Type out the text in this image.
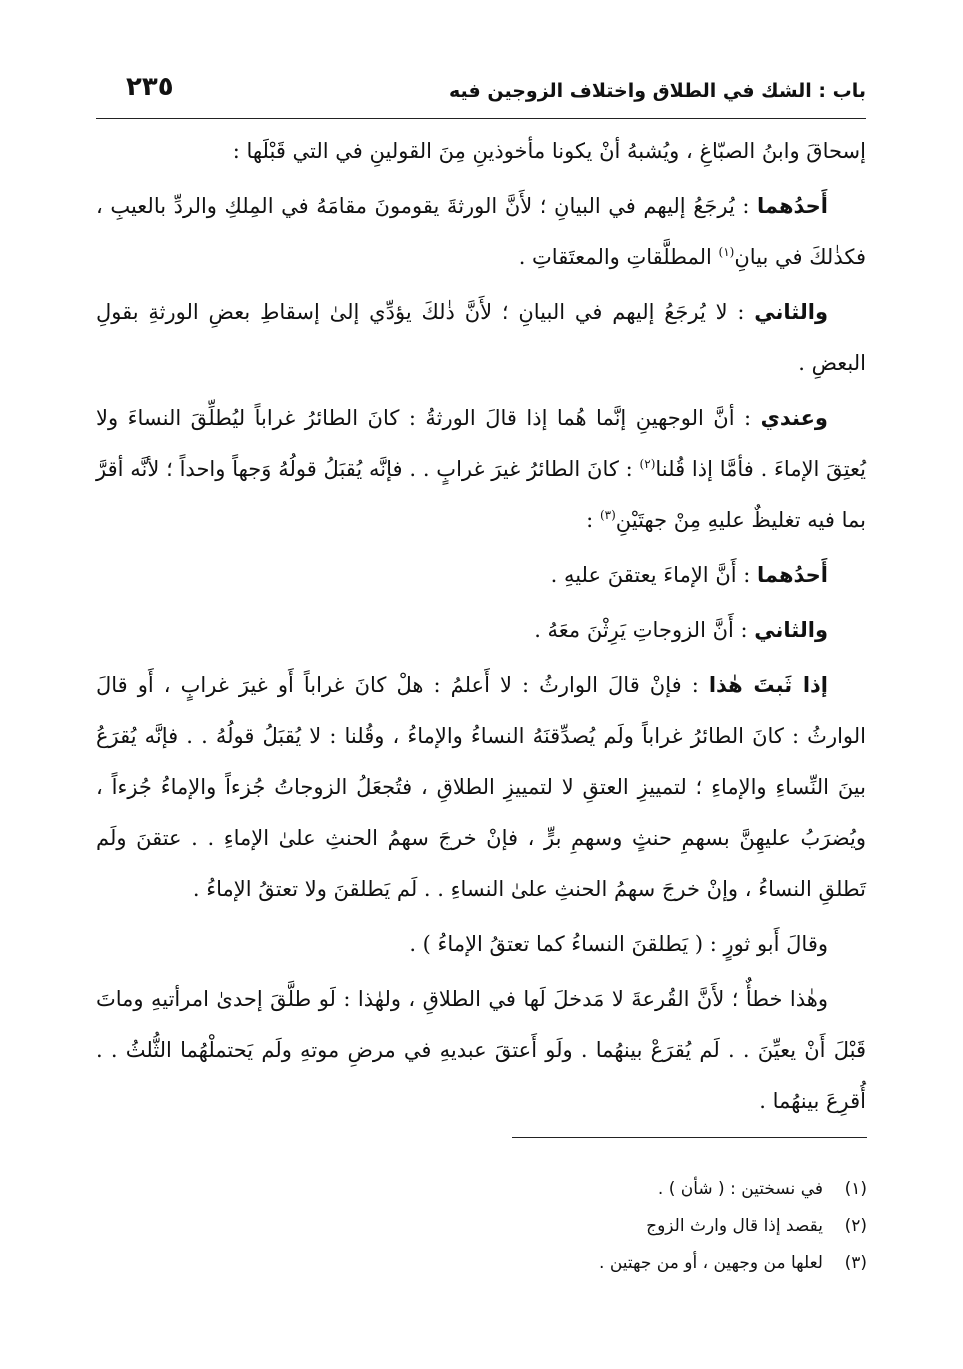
باب : الشك في الطلاق واختلاف الزوجين فيه
٢٣٥

إسحاقَ وابنُ الصبّاغِ ، ويُشبهُ أنْ يكونا مأخوذينِ مِنَ القولينِ في التي قَبْلَها :

أَحدُهما : يُرجَعُ إليهم في البيانِ ؛ لأَنَّ الورثةَ يقومونَ مقامَهُ في المِلكِ والردِّ بالعيبِ ، فكذٰلكَ في بيانِ$^{(١)}$ المطلَّقاتِ والمعتَقاتِ .

والثاني : لا يُرجَعُ إليهم في البيانِ ؛ لأَنَّ ذٰلكَ يؤدِّي إلىٰ إسقاطِ بعضِ الورثةِ بقولِ البعضِ .

وعندي : أنَّ الوجهينِ إنَّما هُما إذا قالَ الورثةُ : كانَ الطائرُ غراباً ليُطلِّقَ النساءَ ولا يُعتِقَ الإماءَ . فأمَّا إذا قُلنا$^{(٢)}$ : كانَ الطائرُ غيرَ غرابٍ . . فإنَّه يُقبَلُ قولُهُ وَجهاً واحداً ؛ لأنَّه أقرَّ بما فيه تغليظٌ عليهِ مِنْ جهتَيْنِ$^{(٣)}$ :

أَحدُهما : أَنَّ الإماءَ يعتقنَ عليهِ .

والثاني : أَنَّ الزوجاتِ يَرِثْنَ معَهُ .

إذا ثَبتَ هٰذا : فإنْ قالَ الوارثُ : لا أَعلمُ : هلْ كانَ غراباً أَو غيرَ غرابٍ ، أَو قالَ الوارثُ : كانَ الطائرُ غراباً ولَم يُصدِّقنَهُ النساءُ والإماءُ ، وقُلنا : لا يُقبَلُ قولُهُ . . فإنَّه يُقرَعُ بينَ النِّساءِ والإماءِ ؛ لتمييزِ العتقِ لا لتمييزِ الطلاقِ ، فتُجعَلُ الزوجاتُ جُزءاً والإماءُ جُزءاً ، ويُضرَبُ عليهِنَّ بسهمِ حنثٍ وسهمِ برٍّ ، فإنْ خرجَ سهمُ الحنثِ علىٰ الإماءِ . . عتقنَ ولَم تَطلقِ النساءُ ، وإنْ خرجَ سهمُ الحنثِ علىٰ النساءِ . . لَم يَطلقنَ ولا تعتقُ الإماءُ .

وقالَ أَبو ثورٍ : ( يَطلقنَ النساءُ كما تعتقُ الإماءُ ) .

وهٰذا خطأٌ ؛ لأَنَّ القُرعةَ لا مَدخلَ لَها في الطلاقِ ، ولهٰذا : لَو طلَّقَ إحدىٰ امرأتيهِ وماتَ قَبْلَ أَنْ يعيِّنَ . . لَم يُقرَعْ بينهُما . ولَو أَعتقَ عبديهِ في مرضِ موتهِ ولَم يَحتملْهُما الثُّلثُ . . أُقرِعَ بينهُما .

(١)
في نسختين : ( شأن ) .
(٢)
يقصد إذا قال وارث الزوج
(٣)
لعلها من وجهين ، أو من جهتين .
